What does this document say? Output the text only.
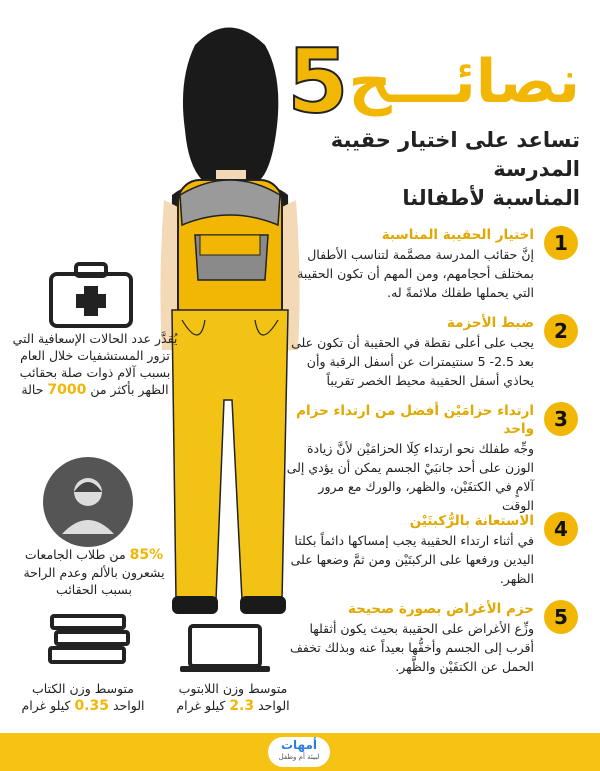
نصائـــح5
تساعد على اختيار حقيبة المدرسة
المناسبة لأطفالنا
1
اختيار الحقيبة المناسبة
إنَّ حقائب المدرسة مصمَّمة لتناسب الأطفال بمختلف أحجامهم، ومن المهم أن تكون الحقيبة التي يحملها طفلك ملائمةً له.
2
ضبط الأحزمة
يجب على أعلى نقطة في الحقيبة أن تكون على بعد 2.5- 5 سنتيمترات عن أسفل الرقبة وأن يحاذي أسفل الحقيبة محيط الخصر تقريباً
3
ارتداء حزامَيْن أفضل من ارتداء حزام واحد
وجِّه طفلك نحو ارتداء كِلَا الحزامَيْن لأنَّ زيادة الوزن على أحد جانبَيْ الجسم يمكن أن يؤدي إلى آلامٍ في الكتفَيْن، والظهر، والورك مع مرور الوقت
4
الاستعانة بالرُّكبتَيْن
في أثناء ارتداء الحقيبة يجب إمساكها دائماً بكلتا اليدين ورفعها على الركبتَيْن ومن ثمَّ وضعها على الظهر.
5
حزم الأغراض بصورة صحيحة
وزِّع الأغراض على الحقيبة بحيث يكون أثقلها أقرب إلى الجسم وأخفُّها بعيداً عنه وبذلك تخفف الحمل عن الكتفَيْن والظَّهر.
يُقدَّر عدد الحالات الإسعافية التي تزور المستشفيات خلال العام بسبب آلام ذوات صلة بحقائب الظهر بأكثر من 7000 حالة
85% من طلاب الجامعات يشعرون بالألم وعدم الراحة بسبب الحقائب
متوسط وزن الكتاب
الواحد 0.35 كيلو غرام
متوسط وزن اللابتوب
الواحد 2.3 كيلو غرام
أمهات
لبيئة أم وطفل
